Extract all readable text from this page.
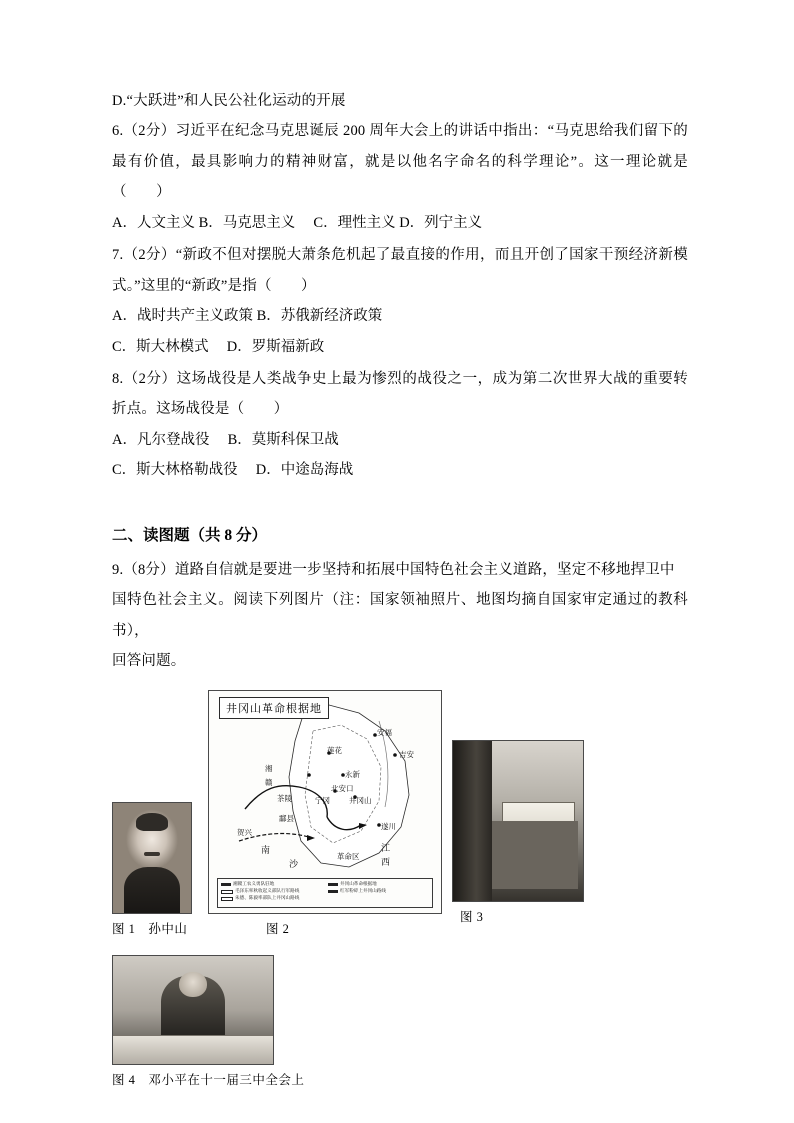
D.“大跃进”和人民公社化运动的开展

6.（2分）习近平在纪念马克思诞辰 200 周年大会上的讲话中指出：“马克思给我们留下的最有价值，最具影响力的精神财富，就是以他名字命名的科学理论”。这一理论就是（　　）

A．人文主义 B．马克思主义　 C．理性主义 D．列宁主义

7.（2分）“新政不但对摆脱大萧条危机起了最直接的作用，而且开创了国家干预经济新模式。”这里的“新政”是指（　　）

A．战时共产主义政策 B．苏俄新经济政策

C．斯大林模式　 D．罗斯福新政

8.（2分）这场战役是人类战争史上最为惨烈的战役之一，成为第二次世界大战的重要转折点。这场战役是（　　）

A．凡尔登战役　 B．莫斯科保卫战

C．斯大林格勒战役　 D．中途岛海战

二、读图题（共 8 分）

9.（8分）道路自信就是要进一步坚持和拓展中国特色社会主义道路，坚定不移地捍卫中

国特色社会主义。阅读下列图片（注：国家领袖照片、地图均摘自国家审定通过的教科书），

回答问题。

图 1　孙中山
井冈山革命根据地
安福
吉安
莲花
永新
北安口
宁冈	井冈山
遂川
湘
赣
茶陵
酃县
贺兴
南
沙
江
西
革命区
湘赣工农义勇队驻地
毛泽东率秋收起义部队行军路线
朱德、陈毅率部队上井冈山路线
井冈山革命根据地
红军粉碎上井冈山路线
图 2
图 3
图 4　邓小平在十一届三中全会上
